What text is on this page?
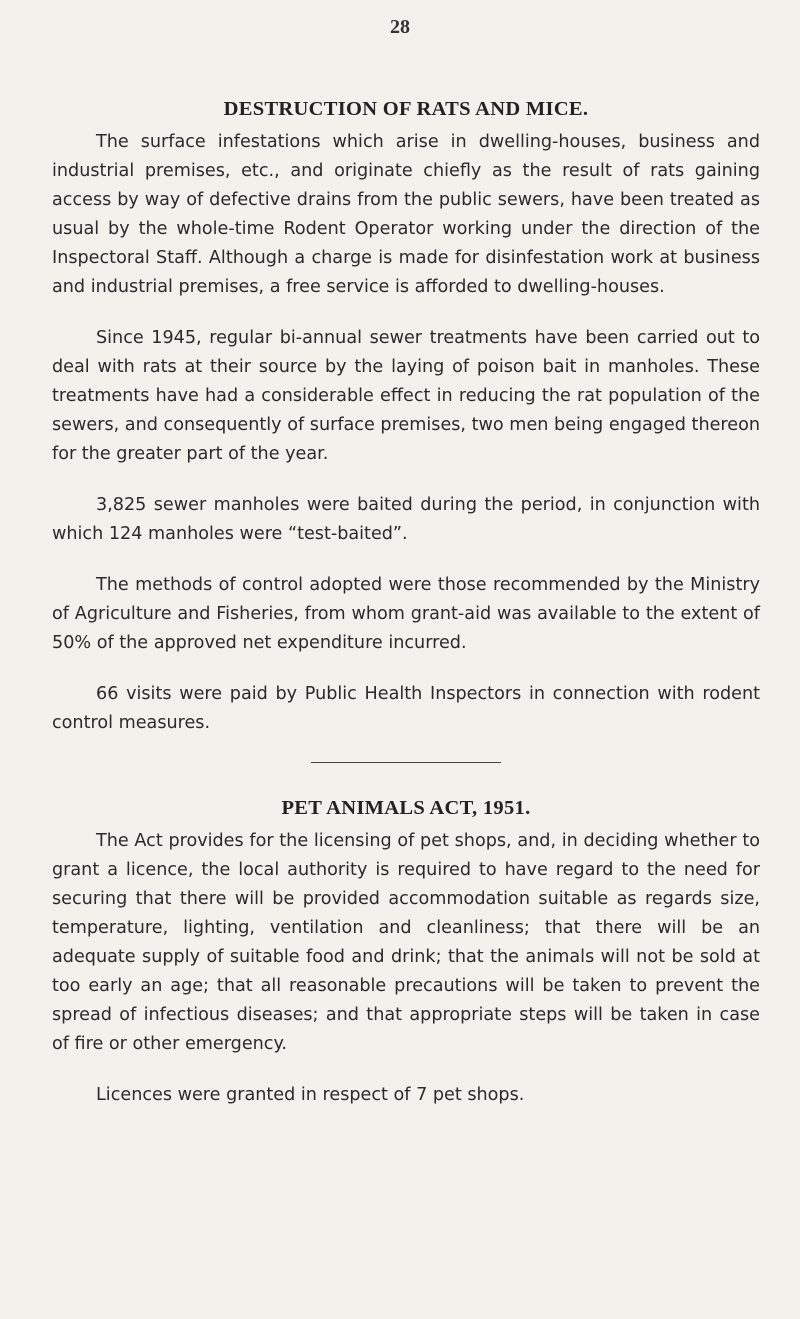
28
DESTRUCTION OF RATS AND MICE.

The surface infestations which arise in dwelling-houses, business and industrial premises, etc., and originate chiefly as the result of rats gaining access by way of defective drains from the public sewers, have been treated as usual by the whole-time Rodent Operator working under the direction of the Inspectoral Staff. Although a charge is made for disinfestation work at business and industrial premises, a free service is afforded to dwelling-houses.

Since 1945, regular bi-annual sewer treatments have been carried out to deal with rats at their source by the laying of poison bait in manholes. These treatments have had a considerable effect in reducing the rat population of the sewers, and consequently of surface premises, two men being engaged thereon for the greater part of the year.

3,825 sewer manholes were baited during the period, in conjunction with which 124 manholes were “test-baited”.

The methods of control adopted were those recommended by the Ministry of Agriculture and Fisheries, from whom grant-aid was available to the extent of 50% of the approved net expenditure incurred.

66 visits were paid by Public Health Inspectors in connection with rodent control measures.

PET ANIMALS ACT, 1951.

The Act provides for the licensing of pet shops, and, in deciding whether to grant a licence, the local authority is required to have regard to the need for securing that there will be provided accommodation suitable as regards size, temperature, lighting, ventilation and cleanliness; that there will be an adequate supply of suitable food and drink; that the animals will not be sold at too early an age; that all reasonable precautions will be taken to prevent the spread of infectious diseases; and that appropriate steps will be taken in case of fire or other emergency.

Licences were granted in respect of 7 pet shops.
